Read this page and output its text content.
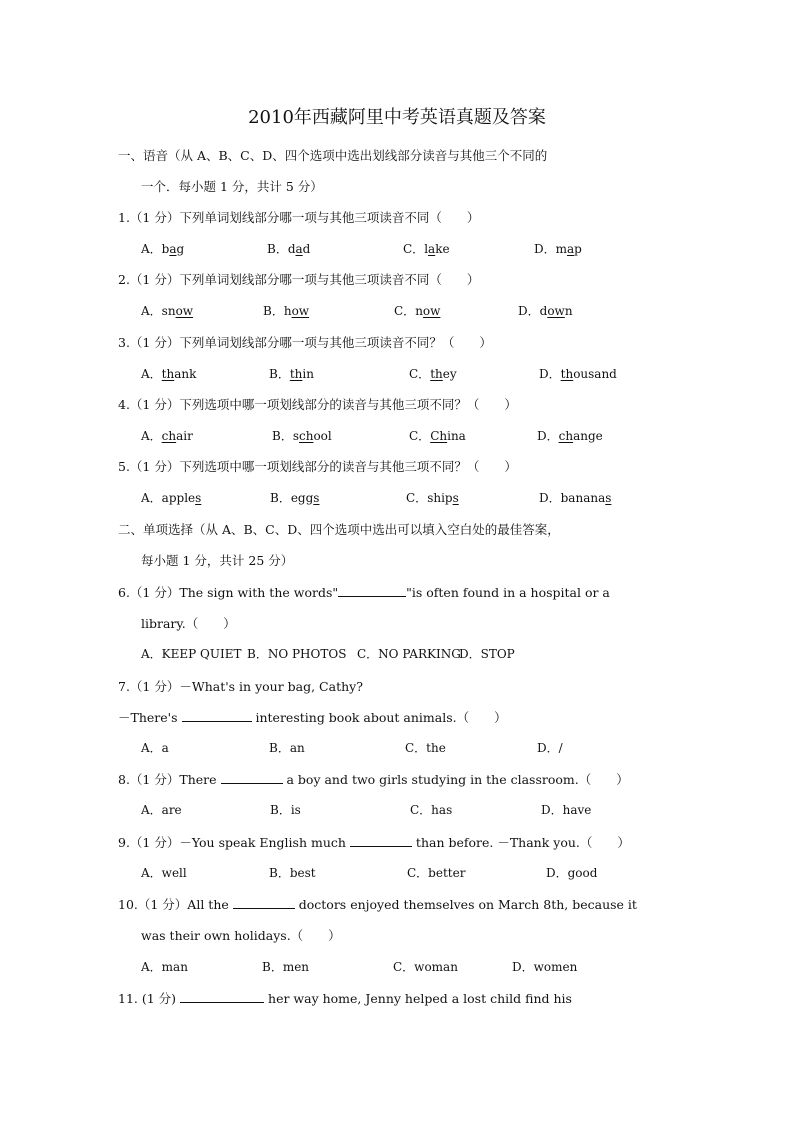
2010年西藏阿里中考英语真题及答案
一、语音（从 A、B、C、D、四个选项中选出划线部分读音与其他三个不同的
一个．每小题 1 分，共计 5 分）
1.（1 分）下列单词划线部分哪一项与其他三项读音不同（　　）
A．bag	B．dad	C．lake	D．map
2.（1 分）下列单词划线部分哪一项与其他三项读音不同（　　）
A．snow	B．how	C．now	D．down
3.（1 分）下列单词划线部分哪一项与其他三项读音不同？（　　）
A．thank	B．thin	C．they	D．thousand
4.（1 分）下列选项中哪一项划线部分的读音与其他三项不同？（　　）
A．chair	B．school	C．China	D．change
5.（1 分）下列选项中哪一项划线部分的读音与其他三项不同？（　　）
A．apples	B．eggs	C．ships	D．bananas
二、单项选择（从 A、B、C、D、四个选项中选出可以填入空白处的最佳答案，
每小题 1 分，共计 25 分）
6.（1 分）The sign with the words"	"is often found in a hospital or a
library.（　　）
A．KEEP QUIET B．NO PHOTOS C．NO PARKING
D．STOP
7.（1 分）－What's in your bag, Cathy?
－There's	interesting book about animals.（　　）
A．a	B．an	C．the	D．/
8.（1 分）There	a boy and two girls studying in the classroom.（　　）
A．are	B．is	C．has	D．have
9.（1 分）－You speak English much	than before. －Thank you.（　　）
A．well	B．best	C．better	D．good
10.（1 分）All the	doctors enjoyed themselves on March 8th, because it
was their own holidays.（　　）
A．man	B．men	C．woman	D．women
11. (1 分)	her way home, Jenny helped a lost child find his
